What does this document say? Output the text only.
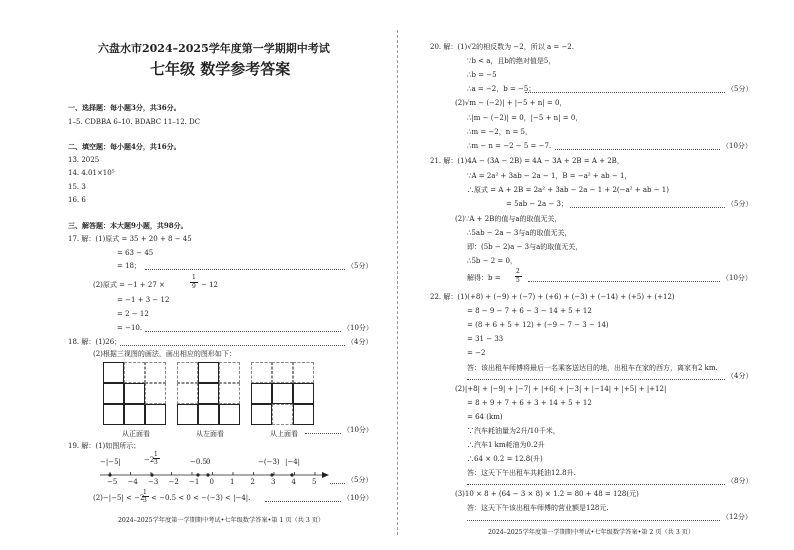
六盘水市2024–2025学年度第一学期期中考试
七年级 数学参考答案
一、选择题：每小题3分，共36分。
1–5. CDBBA 6–10. BDABC 11–12. DC
二、填空题：每小题4分，共16分。
13. 2025
14. 4.01×10⁵
15. 3
16. 6
三、解答题：本大题9小题，共98分。
17. 解：(1)原式 = 35 + 20 + 8 − 45
= 63 − 45
= 18；	（5分）
(2)原式 = −1 + 27 ×
1
9 − 12
= −1 + 3 − 12
= 2 − 12
= −10.	（10分）
18. 解：(1)26；	（4分）
(2)根据三视图的画法，画出相应的图形如下：
从正面看	从左面看	从上面看	（10分）
19. 解：(1)如图所示；
−|−5|	−2
1
3	−0.5 0	−(−3) |−4|
−5 −4 −3 −2 −1 0 1 2 3 4 5	（5分）
(2)−|−5| < −2
1
3 < −0.5 < 0 < −(−3) < |−4|.	（10分）
2024–2025学年度第一学期期中考试•七年级数学答案•第 1 页（共 3 页）
20. 解：(1)√2的相反数为 −2，所以 a = −2.
∵b < a，且b的绝对值是5，
∴b = −5
∴a = −2，b = −5；	（5分）
(2)√m − (−2)| + |−5 + n| = 0，
∴|m − (−2)| = 0，|−5 + n| = 0，
∴m = −2，n = 5，
∴m − n = −2 − 5 = −7.	（10分）
21. 解：(1)4A − (3A − 2B) = 4A − 3A + 2B = A + 2B，
∵A = 2a² + 3ab − 2a − 1，B = −a² + ab − 1，
∴原式 = A + 2B = 2a² + 3ab − 2a − 1 + 2(−a² + ab − 1)
= 5ab − 2a − 3；	（5分）
(2)∵A + 2B的值与a的取值无关，
∴5ab − 2a − 3与a的取值无关，
即：(5b − 2)a − 3与a的取值无关，
∴5b − 2 = 0，
解得：b =
2
5	（10分）
22. 解：(1)(+8) + (−9) + (−7) + (+6) + (−3) + (−14) + (+5) + (+12)
= 8 − 9 − 7 + 6 − 3 − 14 + 5 + 12
= (8 + 6 + 5 + 12) + (−9 − 7 − 3 − 14)
= 31 − 33
= −2
答：该出租车师傅将最后一名乘客送达目的地，出租车在家的西方，离家有2 km.
（4分）
(2)|+8| + |−9| + |−7| + |+6| + |−3| + |−14| + |+5| + |+12|
= 8 + 9 + 7 + 6 + 3 + 14 + 5 + 12
= 64 (km)
∵汽车耗油量为2升/10千米，
∴汽车1 km耗油为0.2升
∴64 × 0.2 = 12.8(升)
答：这天下午出租车共耗油12.8升.
（8分）
(3)10 × 8 + (64 − 3 × 8) × 1.2 = 80 + 48 = 128(元)
答：这天下午该出租车师傅的营业额是128元.
（12分）
2024–2025学年度第一学期期中考试•七年级数学答案•第 2 页（共 3 页）
